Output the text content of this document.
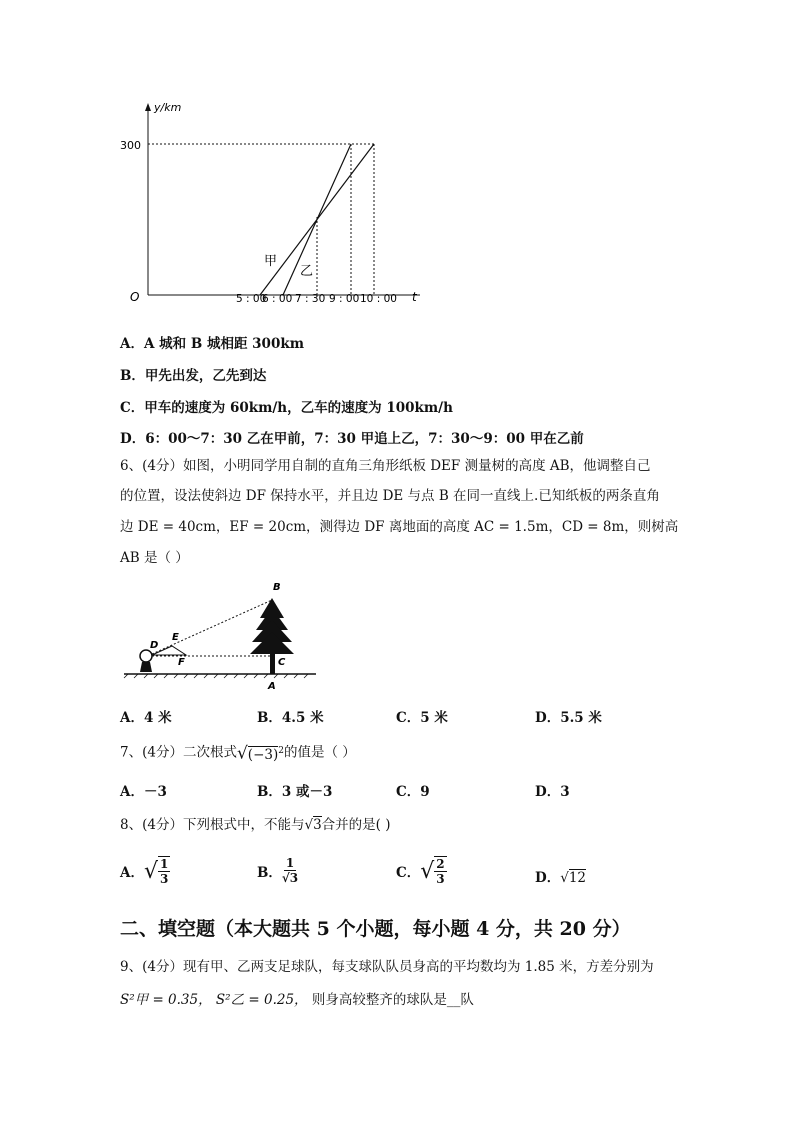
y/km
300
O	t
5 : 00
6 : 00 7 : 30 9 : 00 10 : 00
甲
乙
A．A 城和 B 城相距 300km
B．甲先出发，乙先到达
C．甲车的速度为 60km/h，乙车的速度为 100km/h
D．6：00～7：30 乙在甲前，7：30 甲追上乙，7：30～9：00 甲在乙前
6、(4分）如图，小明同学用自制的直角三角形纸板 DEF 测量树的高度 AB，他调整自己
的位置，设法使斜边 DF 保持水平，并且边 DE 与点 B 在同一直线上.已知纸板的两条直角
边 DE = 40cm，EF = 20cm，测得边 DF 离地面的高度 AC = 1.5m，CD = 8m，则树高
AB 是（ ）
B
E
D
F	C
A
A．4 米	B．4.5 米	C．5 米	D．5.5 米
7、(4分）二次根式$√(-3)^2$的值是（ ）
A．－3	B．3 或－3	C．9	D．3
8、(4分）下列根式中，不能与√3合并的是( )
A． √ $\frac{1}{3}$	B． $\frac{1}{√3}$	C． √ $\frac{2}{3}$	D．√12
二、填空题（本大题共 5 个小题，每小题 4 分，共 20 分）
9、(4分）现有甲、乙两支足球队，每支球队队员身高的平均数均为 1.85 米，方差分别为
S²甲 = 0.35， S²乙 = 0.25， 则身高较整齐的球队是__队
